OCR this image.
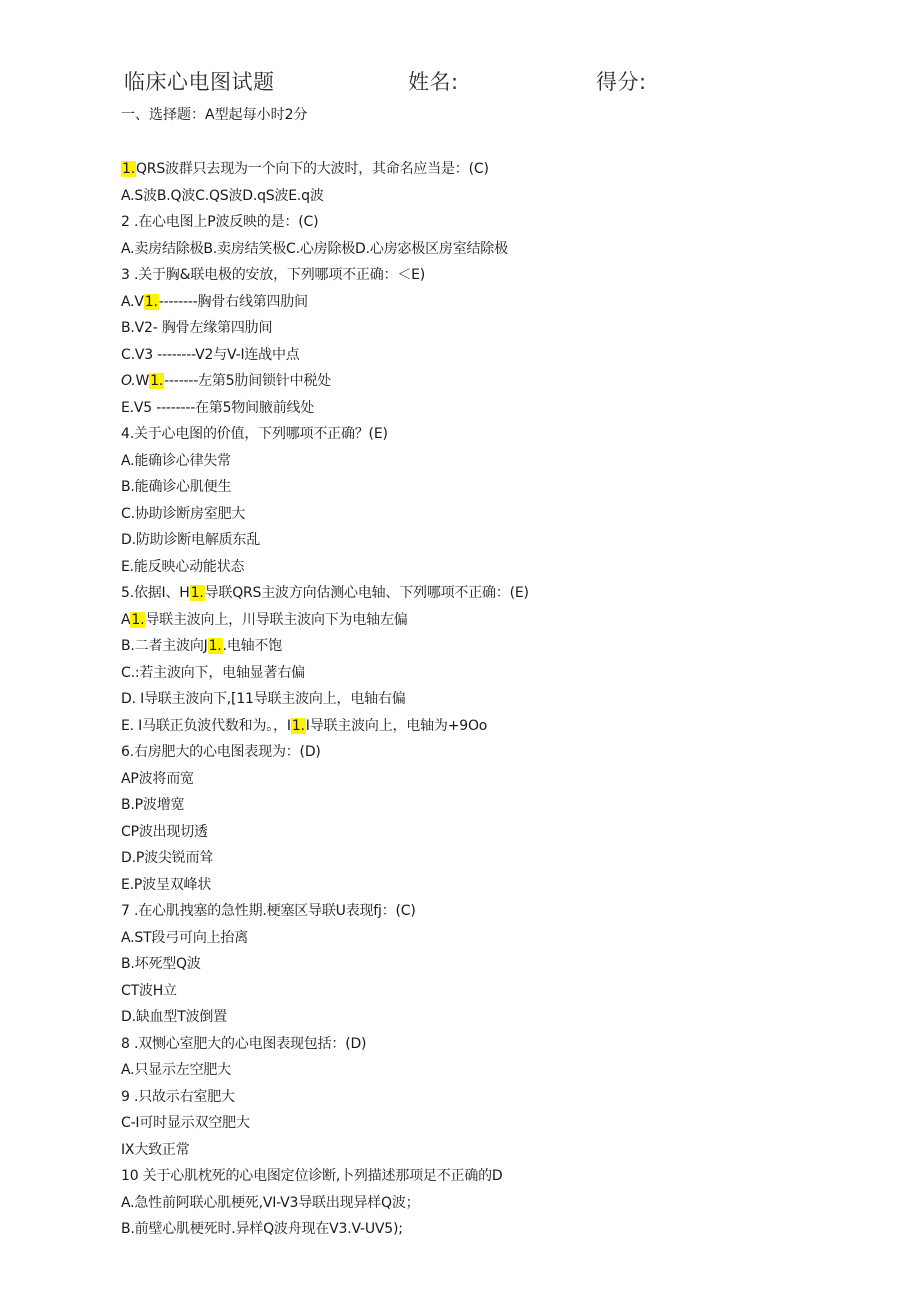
临床心电图试题	姓名:	得分:
一、选择题：A型起每小时2分
1.QRS波群只去现为一个向下的大波时，其命名应当是：(C)
A.S波B.Q波C.QS波D.qS波E.q波
2 .在心电图上P波反映的是：(C)
A.卖房结除极B.卖房结笑极C.心房除极D.心房宓极区房室结除极
3 .关于胸&联电极的安放，下列哪项不正确：＜E)
A.V1.--------胸骨右线第四肋间
B.V2- 胸骨左缘第四肋间
C.V3 --------V2与V-I连战中点
O.W1.-------左第5肋间锁针中税处
E.V5 --------在第5物间腋前线处
4.关于心电图的价值，下列哪项不正确？(E)
A.能确诊心律失常
B.能确诊心肌便生
C.协助诊断房室肥大
D.防助诊断电解质东乱
E.能反映心动能状态
5.依据I、H1.导联QRS主波方向估测心电轴、下列哪项不正确：(E)
A1.导联主波向上，川导联主波向下为电轴左偏
B.二者主波向J1..电轴不饱
C.:若主波向下，电轴显著右偏
D. I导联主波向下,[11导联主波向上，电轴右偏
E. I马联正负波代数和为。，I1.I导联主波向上，电轴为+9Oo
6.右房肥大的心电图表现为：(D)
AP波将而宽
B.P波增宽
CP波出现切透
D.P波尖锐而耸
E.P波呈双峰状
7 .在心肌拽塞的急性期.梗塞区导联U表现fj：(C)
A.ST段弓可向上抬离
B.坏死型Q波
CT波H立
D.缺血型T波倒置
8 .双恻心室肥大的心电图表现包括：(D)
A.只显示左空肥大
9 .只故示右室肥大
C-I可时显示双空肥大
IX大致正常
10 关于心肌枕死的心电图定位诊断,卜列描述那项足不正确的D
A.急性前阿联心肌梗死,VI-V3导联出现异样Q波；
B.前壁心肌梗死时.异样Q波舟现在V3.V-UV5);
